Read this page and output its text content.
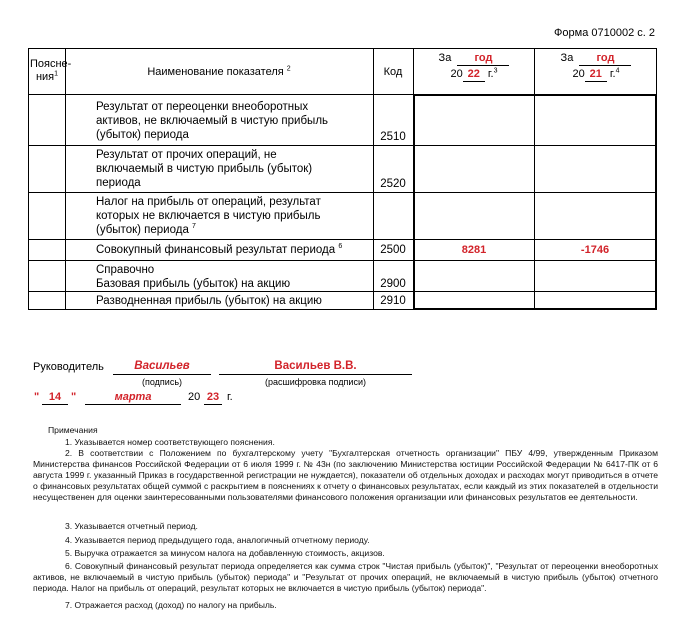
Форма 0710002 с. 2
Поясне-
ния$^1$	Наименование показателя $^2$	Код
За год
20 22 г.$^3$
За год
20 21 г.$^4$
Результат от переоценки внеоборотных
активов, не включаемый в чистую прибыль
(убыток) периода	2510
Результат от прочих операций, не
включаемый в чистую прибыль (убыток)
периода	2520
Налог на прибыль от операций, результат
которых не включается в чистую прибыль
(убыток) периода $^7$
Совокупный финансовый результат периода $^6$	2500	8281	-1746
Справочно
Базовая прибыль (убыток) на акцию	2900
Разводненная прибыль (убыток) на акцию	2910
Руководитель	Васильев
(подпись)
Васильев В.В.
(расшифровка подписи)
" 14 "	марта	20 23 г.
Примечания
1. Указывается номер соответствующего пояснения.
2. В соответствии с Положением по бухгалтерскому учету "Бухгалтерская отчетность организации" ПБУ 4/99, утвержденным Приказом Министерства финансов Российской Федерации от 6 июля 1999 г. № 43н (по заключению Министерства юстиции Российской Федерации № 6417-ПК от 6 августа 1999 г. указанный Приказ в государственной регистрации не нуждается), показатели об отдельных доходах и расходах могут приводиться в отчете о финансовых результатах общей суммой с раскрытием в пояснениях к отчету о финансовых результатах, если каждый из этих показателей в отдельности несущественен для оценки заинтересованными пользователями финансового положения организации или финансовых результатов ее деятельности.
3. Указывается отчетный период.
4. Указывается период предыдущего года, аналогичный отчетному периоду.
5. Выручка отражается за минусом налога на добавленную стоимость, акцизов.
6. Совокупный финансовый результат периода определяется как сумма строк "Чистая прибыль (убыток)", "Результат от переоценки внеоборотных активов, не включаемый в чистую прибыль (убыток) периода" и "Результат от прочих операций, не включаемый в чистую прибыль (убыток) отчетного периода. Налог на прибыль от операций, результат которых не включается в чистую прибыль (убыток) периода".
7. Отражается расход (доход) по налогу на прибыль.
